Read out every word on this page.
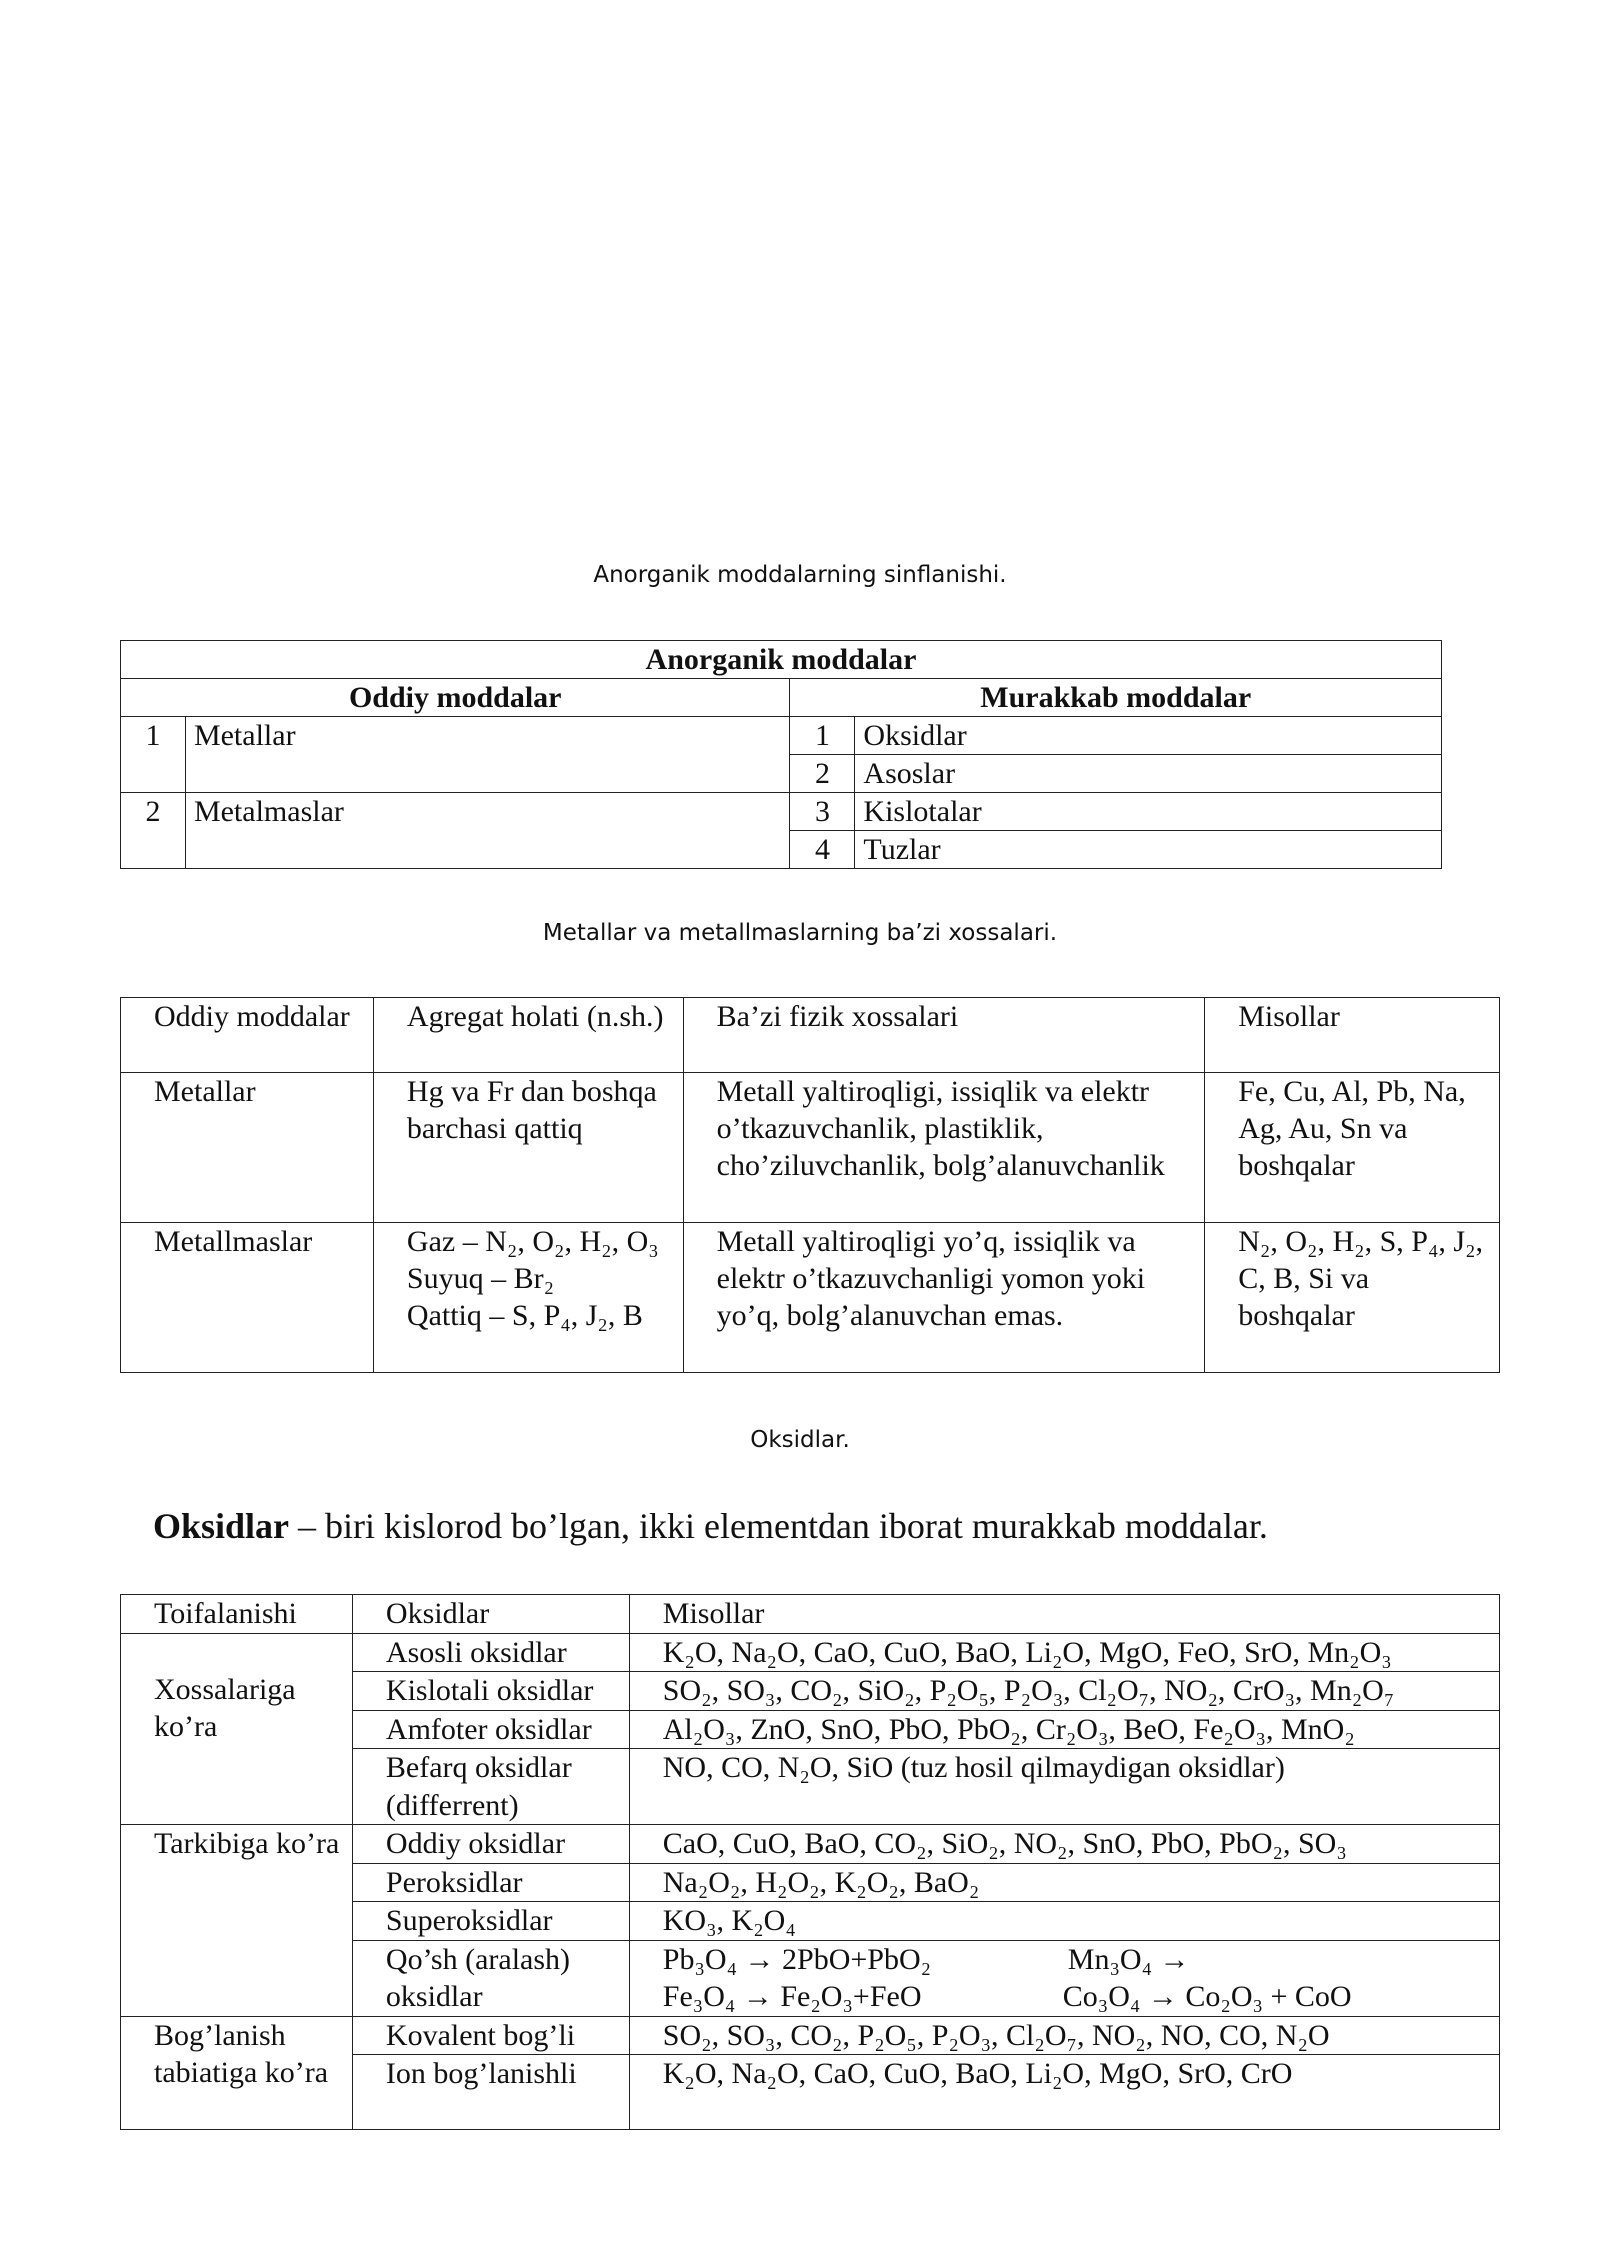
Anorganik moddalarning sinflanishi.
Anorganik moddalar			
Oddiy moddalar		Murakkab moddalar	
1	Metallar	1	Oksidlar
		2	Asoslar
2	Metalmaslar	3	Kislotalar
		4	Tuzlar
Metallar va metallmaslarning ba’zi xossalari.
Oddiy moddalar	Agregat holati (n.sh.)	Ba’zi fizik xossalari	Misollar
Metallar	Hg va Fr dan boshqa barchasi qattiq	Metall yaltiroqligi, issiqlik va elektr o’tkazuvchanlik, plastiklik, cho’ziluvchanlik, bolg’alanuvchanlik	Fe, Cu, Al, Pb, Na, Ag, Au, Sn va boshqalar
Metallmaslar	Gaz – N₂, O₂, H₂, O₃
Suyuq – Br₂
Qattiq – S, P₄, J₂, B	Metall yaltiroqligi yo’q, issiqlik va elektr o’tkazuvchanligi yomon yoki yo’q, bolg’alanuvchan emas.	N₂, O₂, H₂, S, P₄, J₂, C, B, Si va boshqalar
Oksidlar.
Oksidlar – biri kislorod bo’lgan, ikki elementdan iborat murakkab moddalar.
Toifalanishi	Oksidlar	Misollar
Xossalariga ko’ra	Asosli oksidlar	K₂O, Na₂O, CaO, CuO, BaO, Li₂O, MgO, FeO, SrO, Mn₂O₃
	Kislotali oksidlar	SO₂, SO₃, CO₂, SiO₂, P₂O₅, P₂O₃, Cl₂O₇, NO₂, CrO₃, Mn₂O₇
	Amfoter oksidlar	Al₂O₃, ZnO, SnO, PbO, PbO₂, Cr₂O₃, BeO, Fe₂O₃, MnO₂
	Befarq oksidlar (differrent)	NO, CO, N₂O, SiO (tuz hosil qilmaydigan oksidlar)
Tarkibiga ko’ra	Oddiy oksidlar	CaO, CuO, BaO, CO₂, SiO₂, NO₂, SnO, PbO, PbO₂, SO₃
	Peroksidlar	Na₂O₂, H₂O₂, K₂O₂, BaO₂
	Superoksidlar	KO₃, K₂O₄
	Qo’sh (aralash) oksidlar	Pb₃O₄ → 2PbO+PbO₂ Mn₃O₄ →
Fe₃O₄ → Fe₂O₃+FeO Co₃O₄ → Co₂O₃ + CoO

Bog’lanish tabiatiga ko’ra	Kovalent bog’li	SO₂, SO₃, CO₂, P₂O₅, P₂O₃, Cl₂O₇, NO₂, NO, CO, N₂O
	Ion bog’lanishli	K₂O, Na₂O, CaO, CuO, BaO, Li₂O, MgO, SrO, CrO
